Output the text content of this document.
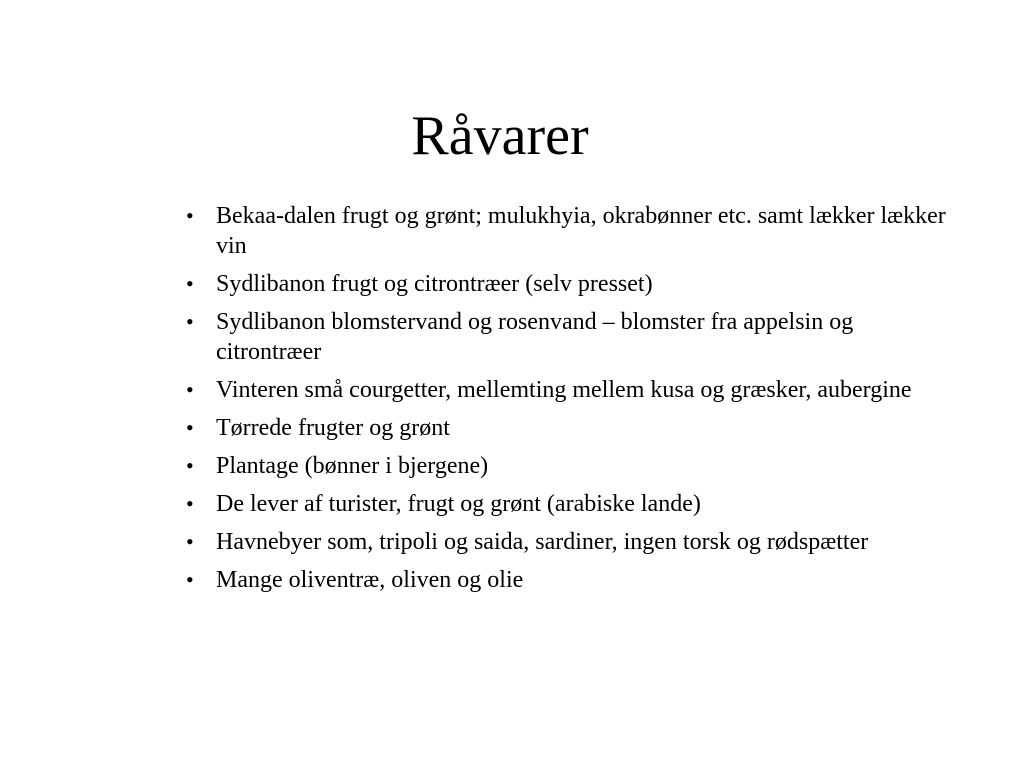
Råvarer
• Bekaa-dalen frugt og grønt; mulukhyia, okrabønner etc. samt lækker lækker vin
• Sydlibanon frugt og citrontræer (selv presset)
• Sydlibanon blomstervand og rosenvand – blomster fra appelsin og citrontræer
• Vinteren små courgetter, mellemting mellem kusa og græsker, aubergine
• Tørrede frugter og grønt
• Plantage (bønner i bjergene)
• De lever af turister, frugt og grønt (arabiske lande)
• Havnebyer som, tripoli og saida, sardiner, ingen torsk og rødspætter
• Mange oliventræ, oliven og olie
